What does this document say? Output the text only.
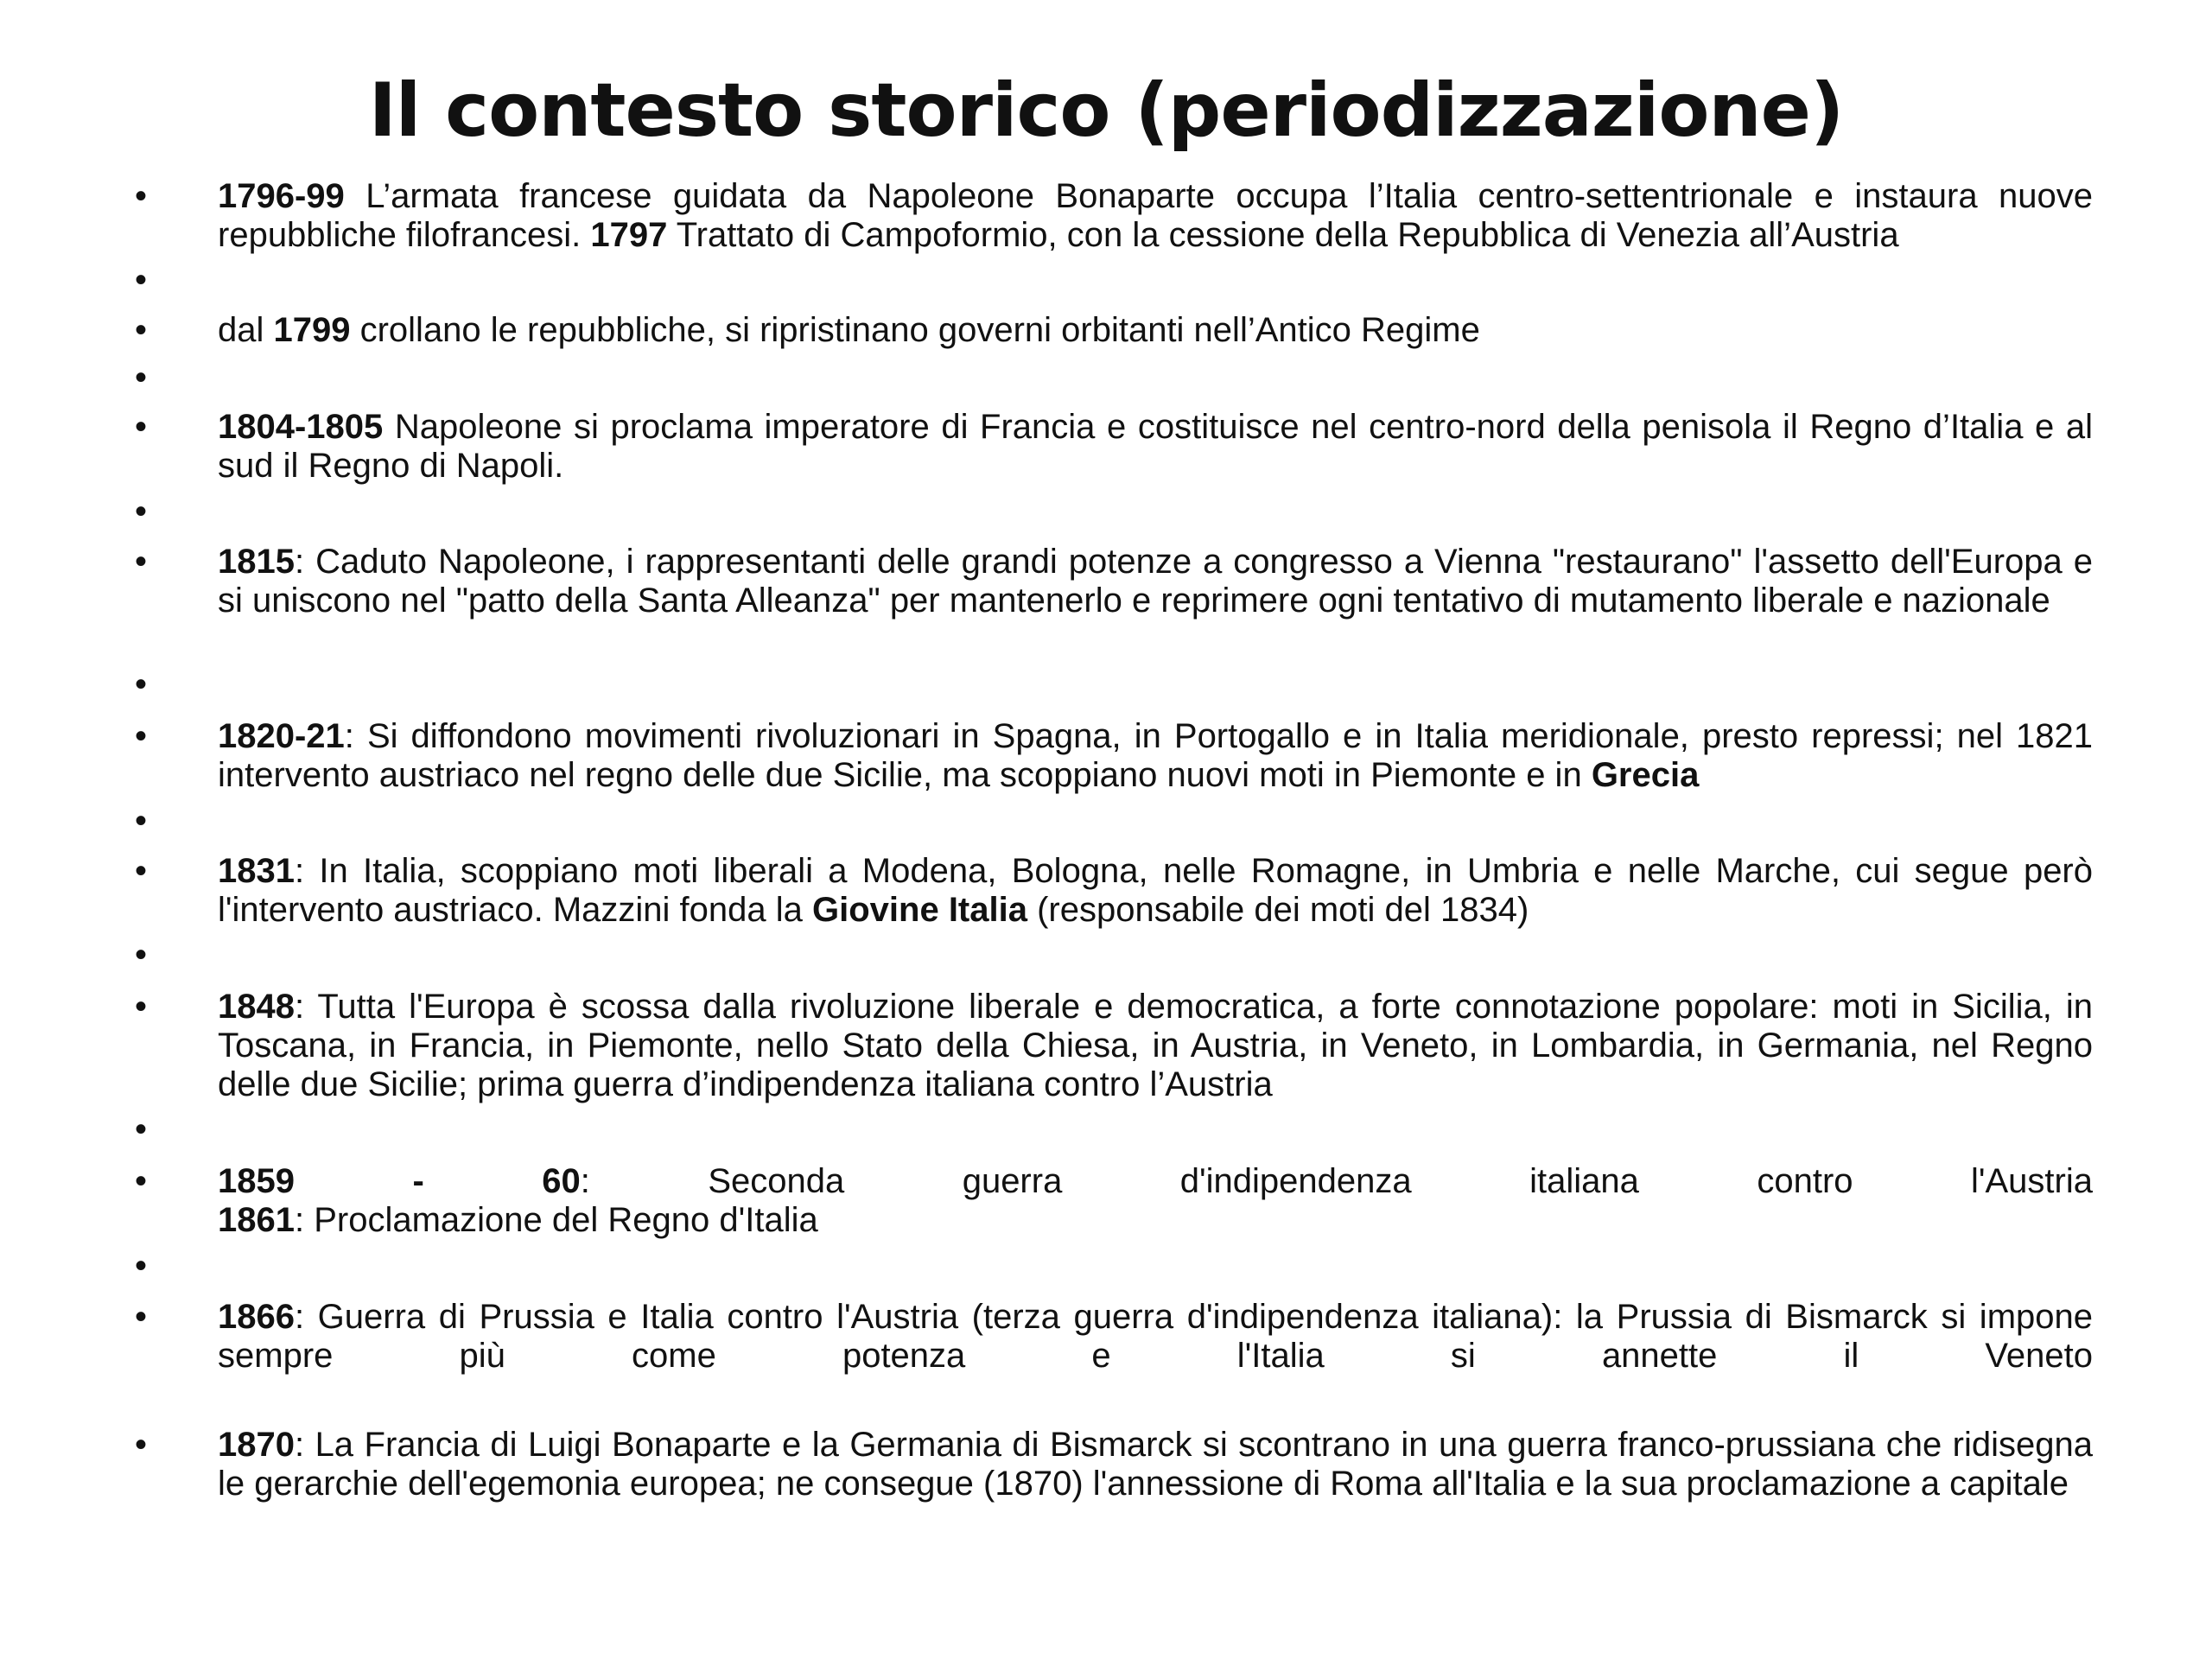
Il contesto storico (periodizzazione)
• 1796-99 L’armata francese guidata da Napoleone Bonaparte occupa l’Italia centro-settentrionale e instaura nuove repubbliche filofrancesi. 1797 Trattato di Campoformio, con la cessione della Repubblica di Venezia all’Austria
•
• dal 1799 crollano le repubbliche, si ripristinano governi orbitanti nell’Antico Regime
•
• 1804-1805 Napoleone si proclama imperatore di Francia e costituisce nel centro-nord della penisola il Regno d’Italia e al sud il Regno di Napoli.
•
• 1815: Caduto Napoleone, i rappresentanti delle grandi potenze a congresso a Vienna "restaurano" l'assetto dell'Europa e si uniscono nel "patto della Santa Alleanza" per mantenerlo e reprimere ogni tentativo di mutamento liberale e nazionale
•
• 1820-21: Si diffondono movimenti rivoluzionari in Spagna, in Portogallo e in Italia meridionale, presto repressi; nel 1821 intervento austriaco nel regno delle due Sicilie, ma scoppiano nuovi moti in Piemonte e in Grecia
•
• 1831: In Italia, scoppiano moti liberali a Modena, Bologna, nelle Romagne, in Umbria e nelle Marche, cui segue però l'intervento austriaco. Mazzini fonda la Giovine Italia (responsabile dei moti del 1834)
•
• 1848: Tutta l'Europa è scossa dalla rivoluzione liberale e democratica, a forte connotazione popolare: moti in Sicilia, in Toscana, in Francia, in Piemonte, nello Stato della Chiesa, in Austria, in Veneto, in Lombardia, in Germania, nel Regno delle due Sicilie; prima guerra d’indipendenza italiana contro l’Austria
•
• 1859	-	60: Seconda guerra d'indipendenza italiana contro l'Austria
1861: Proclamazione del Regno d'Italia
•
• 1866: Guerra di Prussia e Italia contro l'Austria (terza guerra d'indipendenza italiana): la Prussia di Bismarck si impone sempre più come potenza e l'Italia si annette il Veneto
• 1870: La Francia di Luigi Bonaparte e la Germania di Bismarck si scontrano in una guerra franco-prussiana che ridisegna le gerarchie dell'egemonia europea; ne consegue (1870) l'annessione di Roma all'Italia e la sua proclamazione a capitale
